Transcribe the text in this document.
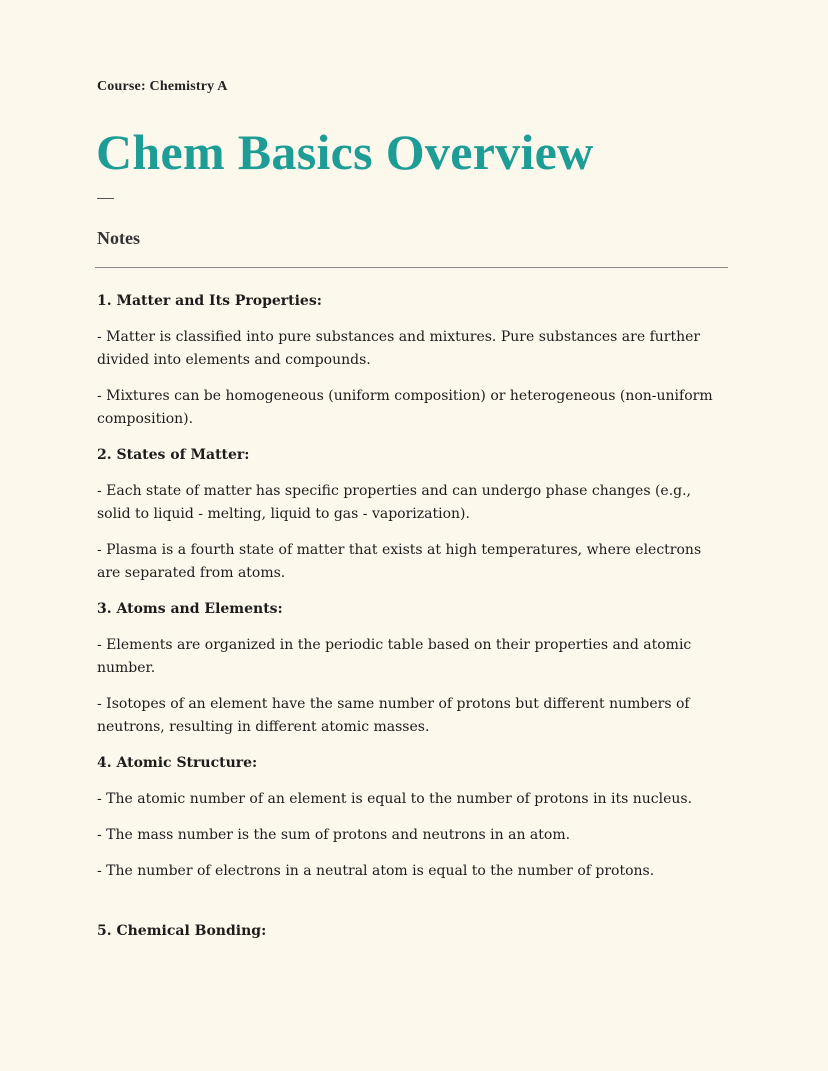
Course: Chemistry A
Chem Basics Overview
Notes

1. Matter and Its Properties:

- Matter is classified into pure substances and mixtures. Pure substances are further divided into elements and compounds.

- Mixtures can be homogeneous (uniform composition) or heterogeneous (non-uniform composition).

2. States of Matter:

- Each state of matter has specific properties and can undergo phase changes (e.g., solid to liquid - melting, liquid to gas - vaporization).

- Plasma is a fourth state of matter that exists at high temperatures, where electrons are separated from atoms.

3. Atoms and Elements:

- Elements are organized in the periodic table based on their properties and atomic number.

- Isotopes of an element have the same number of protons but different numbers of neutrons, resulting in different atomic masses.

4. Atomic Structure:

- The atomic number of an element is equal to the number of protons in its nucleus.

- The mass number is the sum of protons and neutrons in an atom.

- The number of electrons in a neutral atom is equal to the number of protons.

5. Chemical Bonding:
